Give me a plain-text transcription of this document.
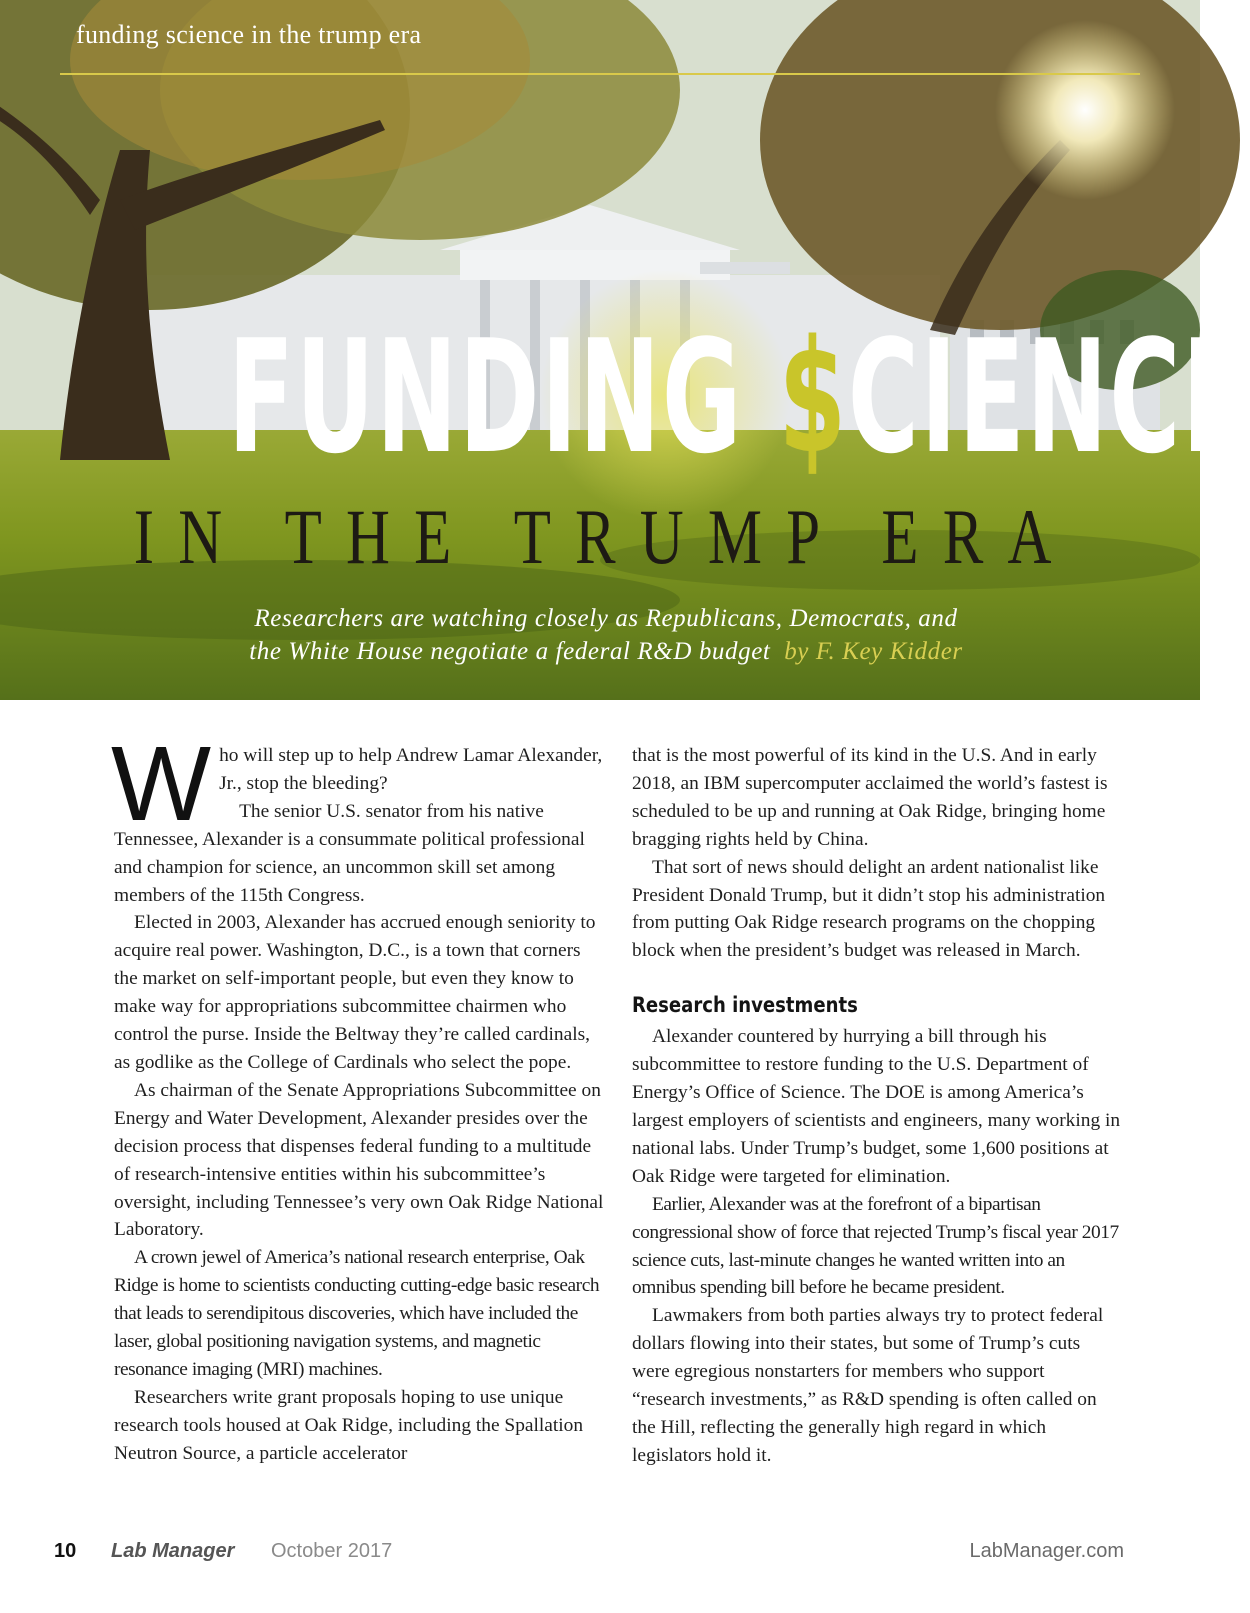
funding science in the trump era
FUNDING $CIENCE
IN THE TRUMP ERA
Researchers are watching closely as Republicans, Democrats, and
the White House negotiate a federal R&D budget by F. Key Kidder

Who will step up to help Andrew Lamar Alexander, Jr., stop the bleeding?

The senior U.S. senator from his native Tennessee, Alexander is a consummate political professional and champion for science, an uncommon skill set among members of the 115th Congress.

Elected in 2003, Alexander has accrued enough seniority to acquire real power. Washington, D.C., is a town that corners the market on self-important people, but even they know to make way for appropriations subcommittee chairmen who control the purse. Inside the Beltway they’re called cardinals, as godlike as the College of Cardinals who select the pope.

As chairman of the Senate Appropriations Subcommittee on Energy and Water Development, Alexander presides over the decision process that dispenses federal funding to a multitude of research-intensive entities within his subcommittee’s oversight, including Tennessee’s very own Oak Ridge National Laboratory.

A crown jewel of America’s national research enterprise, Oak Ridge is home to scientists conducting cutting-edge basic research that leads to serendipitous discoveries, which have included the laser, global positioning navigation systems, and magnetic resonance imaging (MRI) machines.

Researchers write grant proposals hoping to use unique research tools housed at Oak Ridge, including the Spallation Neutron Source, a particle accelerator

that is the most powerful of its kind in the U.S. And in early 2018, an IBM supercomputer acclaimed the world’s fastest is scheduled to be up and running at Oak Ridge, bringing home bragging rights held by China.

That sort of news should delight an ardent nationalist like President Donald Trump, but it didn’t stop his administration from putting Oak Ridge research programs on the chopping block when the president’s budget was released in March.

Research investments

Alexander countered by hurrying a bill through his subcommittee to restore funding to the U.S. Department of Energy’s Office of Science. The DOE is among America’s largest employers of scientists and engineers, many working in national labs. Under Trump’s budget, some 1,600 positions at Oak Ridge were targeted for elimination.

Earlier, Alexander was at the forefront of a bipartisan congressional show of force that rejected Trump’s fiscal year 2017 science cuts, last-minute changes he wanted written into an omnibus spending bill before he became president.

Lawmakers from both parties always try to protect federal dollars flowing into their states, but some of Trump’s cuts were egregious nonstarters for members who support “research investments,” as R&D spending is often called on the Hill, reflecting the generally high regard in which legislators hold it.

10 Lab Manager October 2017	LabManager.com
